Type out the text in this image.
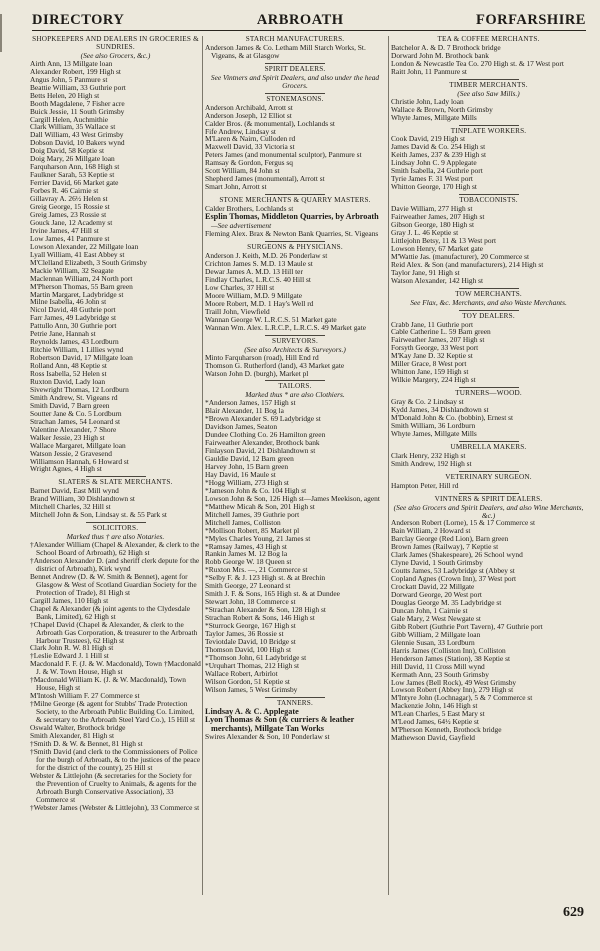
DIRECTORY	ARBROATH	FORFARSHIRE
SHOPKEEPERS AND DEALERS IN GROCERIES & SUNDRIES.
(See also Grocers, &c.)
Airth Ann, 13 Millgate loan
Alexander Robert, 199 High st
Angus John, 5 Panmure st
Beattie William, 33 Guthrie port
Betts Helen, 20 High st
Booth Magdalene, 7 Fisher acre
Buick Jessie, 11 South Grimsby
Cargill Helen, Auchmithie
Clark William, 35 Wallace st
Dall William, 43 West Grimsby
Dobson David, 10 Bakers wynd
Doig David, 58 Keptie st
Doig Mary, 26 Millgate loan
Farquharson Ann, 168 High st
Faulkner Sarah, 53 Keptie st
Ferrier David, 66 Market gate
Forbes R. 46 Cairnie st
Gillavray A. 26½ Helen st
Greig George, 15 Rossie st
Greig James, 23 Rossie st
Gouck Jane, 12 Academy st
Irvine James, 47 Hill st
Low James, 41 Panmure st
Lowson Alexander, 22 Millgate loan
Lyall William, 41 East Abbey st
M'Clelland Elizabeth, 3 South Grimsby
Mackie William, 32 Seagate
Maclennan William, 24 North port
M'Pherson Thomas, 55 Barn green
Martin Margaret, Ladybridge st
Milne Isabella, 46 John st
Nicol David, 48 Guthrie port
Farr James, 49 Ladybridge st
Pattullo Ann, 30 Guthrie port
Petrie Jane, Hannah st
Reynolds James, 43 Lordburn
Ritchie William, 1 Lillies wynd
Robertson David, 17 Millgate loan
Rolland Ann, 48 Keptie st
Ross Isabella, 52 Helen st
Ruxton David, Lady loan
Sivewright Thomas, 12 Lordburn
Smith Andrew, St. Vigeans rd
Smith David, 7 Barn green
Soutter Jane & Co. 5 Lordburn
Strachan James, 54 Leonard st
Valentine Alexander, 7 Shore
Walker Jessie, 23 High st
Wallace Margaret, Millgate loan
Watson Jessie, 2 Gravesend
Williamson Hannah, 6 Howard st
Wright Agnes, 4 High st
SLATERS & SLATE MERCHANTS.
Barnet David, East Mill wynd
Brand William, 30 Dishlandtown st
Mitchell Charles, 32 Hill st
Mitchell John & Son, Lindsay st. & 55 Park st
SOLICITORS.
Marked thus † are also Notaries.
†Alexander William (Chapel & Alexander, & clerk to the School Board of Arbroath), 62 High st
†Anderson Alexander D. (and sheriff clerk depute for the district of Arbroath), Kirk wynd
Bennet Andrew (D. & W. Smith & Bennet), agent for Glasgow & West of Scotland Guardian Society for the Protection of Trade), 81 High st
Cargill James, 110 High st
Chapel & Alexander (& joint agents to the Clydesdale Bank, Limited), 62 High st
†Chapel David (Chapel & Alexander, & clerk to the Arbroath Gas Corporation, & treasurer to the Arbroath Harbour Trustees), 62 High st
Clark John R. W. 81 High st
†Leslie Edward J. 1 Hill st
Macdonald F. F. (J. & W. Macdonald), Town †Macdonald J. & W. Town House, High st
†Macdonald William K. (J. & W. Macdonald), Town House, High st
M'Intosh William F. 27 Commerce st
†Milne George (& agent for Stubbs' Trade Protection Society, to the Arbroath Public Building Co. Limited, & secretary to the Arbroath Steel Yard Co.), 15 Hill st
Oswald Walter, Brothock bridge
Smith Alexander, 81 High st
†Smith D. & W. & Bennet, 81 High st
†Smith David (and clerk to the Commissioners of Police for the burgh of Arbroath, & to the justices of the peace for the district of the county), 25 Hill st
Webster & Littlejohn (& secretaries for the Society for the Prevention of Cruelty to Animals, & agents for the Arbroath Burgh Conservative Association), 33 Commerce st
†Webster James (Webster & Littlejohn), 33 Commerce st
STARCH MANUFACTURERS.
Anderson James & Co. Letham Mill Starch Works, St. Vigeans, & at Glasgow
SPIRIT DEALERS.
See Vintners and Spirit Dealers, and also under the head Grocers.
STONEMASONS.
Anderson Archibald, Arrott st
Anderson Joseph, 12 Elliot st
Calder Bros. (& monumental), Lochlands st
Fife Andrew, Lindsay st
M'Laren & Nairn, Culloden rd
Maxwell David, 33 Victoria st
Peters James (and monumental sculptor), Panmure st
Ramsay & Gordon, Fergus sq
Scott William, 84 John st
Shepherd James (monumental), Arrott st
Smart John, Arrott st
STONE MERCHANTS & QUARRY MASTERS.
Calder Brothers, Lochlands st
Esplin Thomas, Middleton Quarries, by Arbroath—See advertisement
Fleming Alex. Brax & Newton Bank Quarries, St. Vigeans
SURGEONS & PHYSICIANS.
Anderson J. Keith, M.D. 26 Ponderlaw st
Crichton James S. M.D. 13 Maule st
Dewar James A. M.D. 13 Hill ter
Findlay Charles, L.R.C.S. 40 Hill st
Low Charles, 37 Hill st
Moore William, M.D. 9 Millgate
Moore Robert, M.D. 1 Hay's Well rd
Traill John, Viewfield
Wannan George W. L.R.C.S. 51 Market gate
Wannan Wm. Alex. L.R.C.P., L.R.C.S. 49 Market gate
SURVEYORS.
(See also Architects & Surveyors.)
Minto Farquharson (road), Hill End rd
Thomson G. Rutherford (land), 43 Market gate
Watson John D. (burgh), Market pl
TAILORS.
Marked thus * are also Clothiers.
*Anderson James, 157 High st
Blair Alexander, 11 Bog la
*Brown Alexander S. 69 Ladybridge st
Davidson James, Seaton
Dundee Clothing Co. 26 Hamilton green
Fairweather Alexander, Brothock bank
Finlayson David, 21 Dishlandtown st
Gauldie David, 12 Barn green
Harvey John, 15 Barn green
Hay David, 16 Maule st
*Hogg William, 273 High st
*Jameson John & Co. 104 High st
Lowson John & Son, 126 High st—James Meekison, agent
*Matthew Micah & Son, 201 High st
Mitchell James, 39 Guthrie port
Mitchell James, Colliston
*Mollison Robert, 85 Market pl
*Myles Charles Young, 21 James st
*Ramsay James, 43 High st
Rankin James M. 12 Bog la
Robb George W. 18 Queen st
*Ruxton Mrs. —, 21 Commerce st
*Selby F. & J. 123 High st. & at Brechin
Smith George, 27 Leonard st
Smith J. F. & Sons, 165 High st. & at Dundee
Stewart John, 18 Commerce st
*Strachan Alexander & Son, 128 High st
Strachan Robert & Sons, 146 High st
*Sturrock George, 167 High st
Taylor James, 36 Rossie st
Teviotdale David, 10 Bridge st
Thomson David, 100 High st
*Thomson John, 61 Ladybridge st
*Urquhart Thomas, 212 High st
Wallace Robert, Arbirlot
Wilson Gordon, 51 Keptie st
Wilson James, 5 West Grimsby
TANNERS.
Lindsay A. & C. Applegate
Lyon Thomas & Son (& curriers & leather merchants), Millgate Tan Works
Swires Alexander & Son, 10 Ponderlaw st
TEA & COFFEE MERCHANTS.
Batchelor A. & D. 7 Brothock bridge
Dorward John M. Brothock bank
London & Newcastle Tea Co. 270 High st. & 17 West port
Raitt John, 11 Panmure st
TIMBER MERCHANTS.
(See also Saw Mills.)
Christie John, Lady loan
Wallace & Brown, North Grimsby
Whyte James, Millgate Mills
TINPLATE WORKERS.
Cook David, 219 High st
James David & Co. 254 High st
Keith James, 237 & 239 High st
Lindsay John C. 9 Applegate
Smith Isabella, 24 Guthrie port
Tyrie James F. 31 West port
Whitton George, 170 High st
TOBACCONISTS.
Davie William, 277 High st
Fairweather James, 207 High st
Gibson George, 180 High st
Gray J. L. 46 Keptie st
Littlejohn Betsy, 11 & 13 West port
Lowson Henry, 67 Market gate
M'Wattie Jas. (manufacturer), 20 Commerce st
Reid Alex. & Son (and manufacturers), 214 High st
Taylor Jane, 91 High st
Watson Alexander, 142 High st
TOW MERCHANTS.
See Flax, &c. Merchants, and also Waste Merchants.
TOY DEALERS.
Crabb Jane, 11 Guthrie port
Cable Catherine L. 59 Barn green
Fairweather James, 207 High st
Forsyth George, 33 West port
M'Kay Jane D. 32 Keptie st
Miller Grace, 8 West port
Whitton Jane, 159 High st
Wilkie Margery, 224 High st
TURNERS—WOOD.
Gray & Co. 2 Lindsay st
Kydd James, 34 Dishlandtown st
M'Donald John & Co. (bobbin), Ernest st
Smith William, 36 Lordburn
Whyte James, Millgate Mills
UMBRELLA MAKERS.
Clark Henry, 232 High st
Smith Andrew, 192 High st
VETERINARY SURGEON.
Hampton Peter, Hill rd
VINTNERS & SPIRIT DEALERS.
(See also Grocers and Spirit Dealers, and also Wine Merchants, &c.)
Anderson Robert (Lorne), 15 & 17 Commerce st
Bain William, 2 Howard st
Barclay George (Red Lion), Barn green
Brown James (Railway), 7 Keptie st
Clark James (Shakespeare), 26 School wynd
Clyne David, 1 South Grimsby
Coutts James, 53 Ladybridge st (Abbey st
Copland Agnes (Crown Inn), 37 West port
Crockatt David, 22 Millgate
Dorward George, 20 West port
Douglas George M. 35 Ladybridge st
Duncan John, 1 Cairnie st
Gale Mary, 2 West Newgate st
Gibb Robert (Guthrie Port Tavern), 47 Guthrie port
Gibb William, 2 Millgate loan
Glennie Susan, 33 Lordburn
Harris James (Colliston Inn), Colliston
Henderson James (Station), 38 Keptie st
Hill David, 11 Cross Mill wynd
Kermath Ann, 23 South Grimsby
Low James (Bell Rock), 49 West Grimsby
Lowson Robert (Abbey Inn), 279 High st
M'Intyre John (Lochnagar), 5 & 7 Commerce st
Mackenzie John, 146 High st
M'Lean Charles, 5 East Mary st
M'Leod James, 64½ Keptie st
M'Pherson Kenneth, Brothock bridge
Mathewson David, Gayfield
629
